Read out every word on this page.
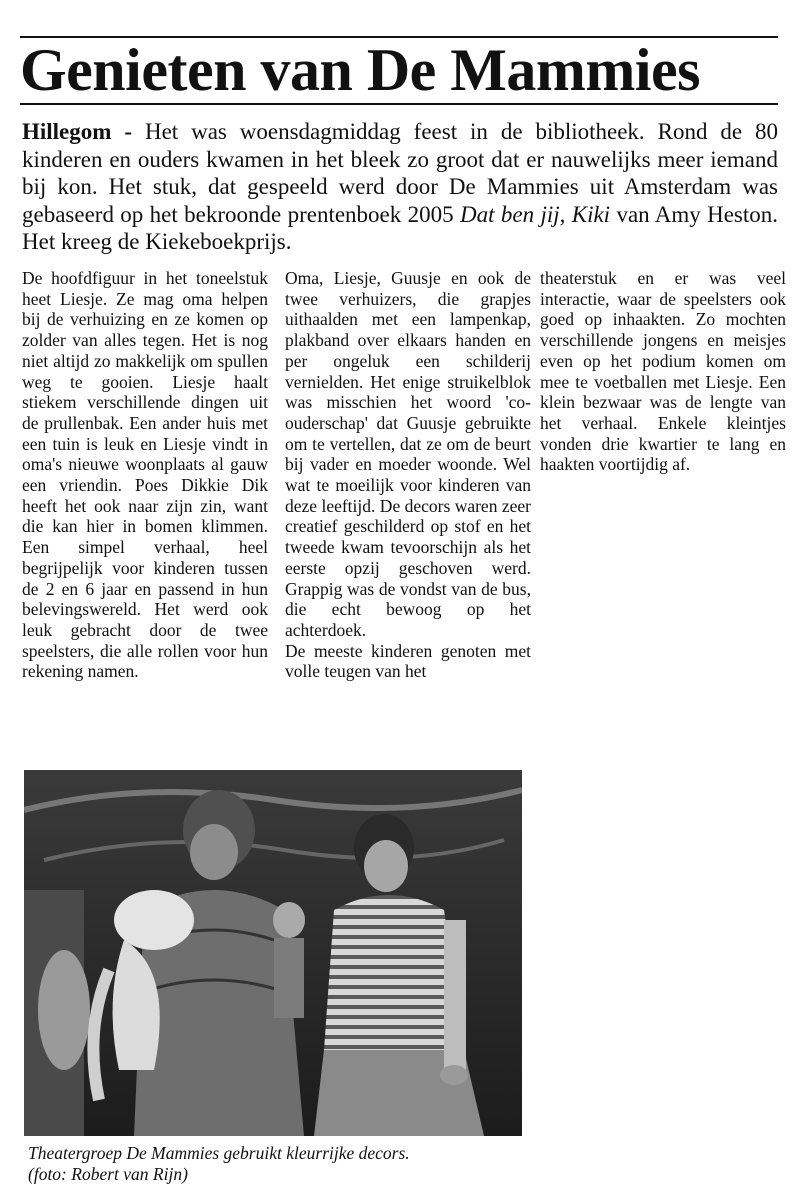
Genieten van De Mammies

Hillegom - Het was woensdagmiddag feest in de bibliotheek. Rond de 80 kinderen en ouders kwamen in het bleek zo groot dat er nauwelijks meer iemand bij kon. Het stuk, dat gespeeld werd door De Mammies uit Amsterdam was gebaseerd op het bekroonde prentenboek 2005 Dat ben jij, Kiki van Amy Heston. Het kreeg de Kiekeboekprijs.

De hoofdfiguur in het toneelstuk heet Liesje. Ze mag oma helpen bij de verhuizing en ze komen op zolder van alles tegen. Het is nog niet altijd zo makkelijk om spullen weg te gooien. Liesje haalt stiekem verschillende dingen uit de prullenbak. Een ander huis met een tuin is leuk en Liesje vindt in oma's nieuwe woonplaats al gauw een vriendin. Poes Dikkie Dik heeft het ook naar zijn zin, want die kan hier in bomen klimmen. Een simpel verhaal, heel begrijpelijk voor kinderen tussen de 2 en 6 jaar en passend in hun belevingswereld. Het werd ook leuk gebracht door de twee speelsters, die alle rollen voor hun rekening namen.

Oma, Liesje, Guusje en ook de twee verhuizers, die grapjes uithaalden met een lampenkap, plakband over elkaars handen en per ongeluk een schilderij vernielden. Het enige struikelblok was misschien het woord 'co-ouderschap' dat Guusje gebruikte om te vertellen, dat ze om de beurt bij vader en moeder woonde. Wel wat te moeilijk voor kinderen van deze leeftijd. De decors waren zeer creatief geschilderd op stof en het tweede kwam tevoorschijn als het eerste opzij geschoven werd. Grappig was de vondst van de bus, die echt bewoog op het achterdoek.

De meeste kinderen genoten met volle teugen van het

theaterstuk en er was veel interactie, waar de speelsters ook goed op inhaakten. Zo mochten verschillende jongens en meisjes even op het podium komen om mee te voetballen met Liesje. Een klein bezwaar was de lengte van het verhaal. Enkele kleintjes vonden drie kwartier te lang en haakten voortijdig af.

Theatergroep De Mammies gebruikt kleurrijke decors.
(foto: Robert van Rijn)
